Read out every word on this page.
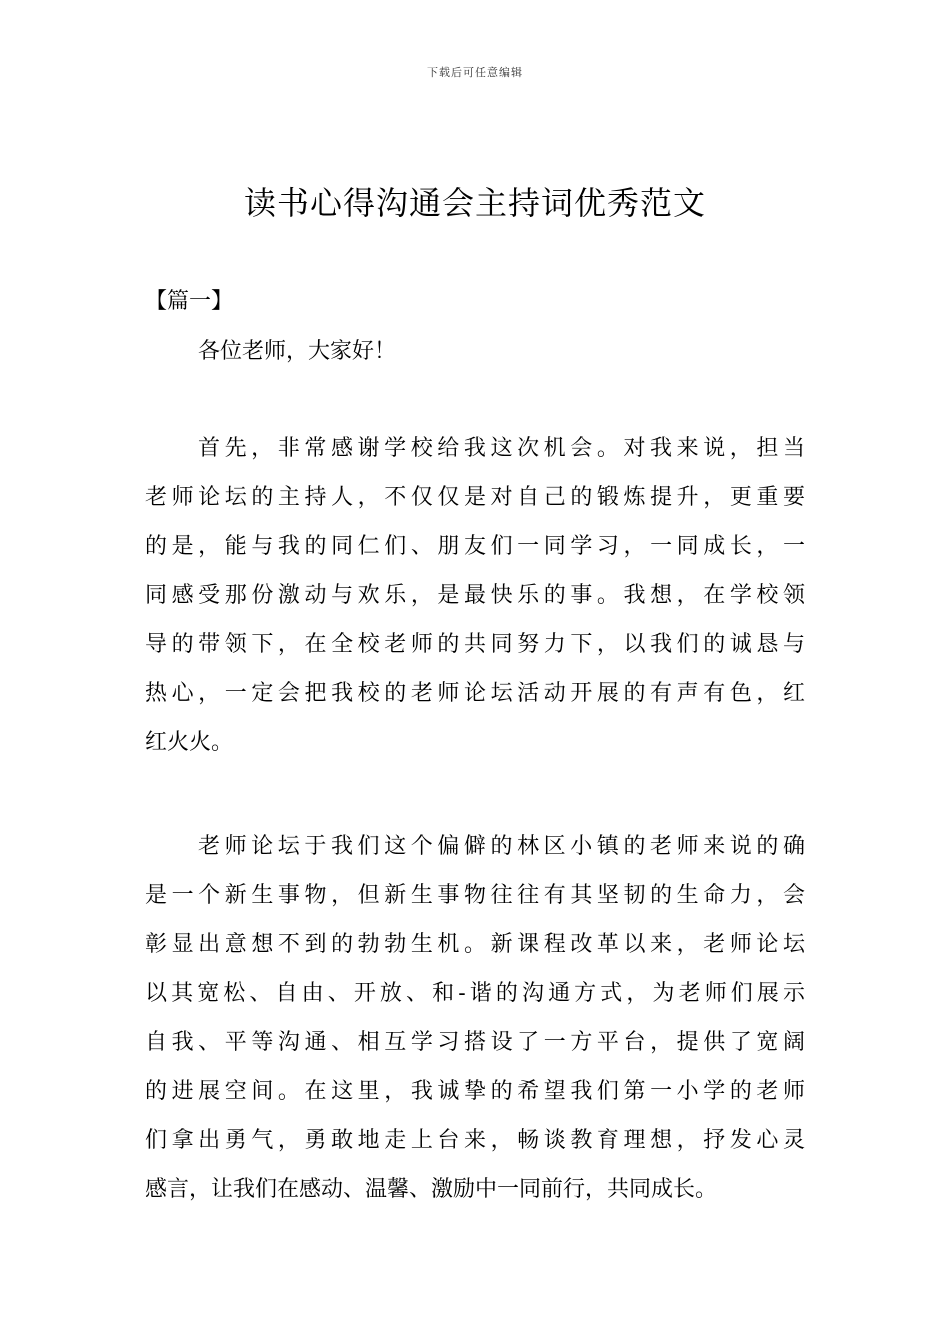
下载后可任意编辑
读书心得沟通会主持词优秀范文

【篇一】

各位老师，大家好！

首先，非常感谢学校给我这次机会。对我来说，担当
老师论坛的主持人，不仅仅是对自己的锻炼提升，更重要
的是，能与我的同仁们、朋友们一同学习，一同成长，一
同感受那份激动与欢乐，是最快乐的事。我想，在学校领
导的带领下，在全校老师的共同努力下，以我们的诚恳与
热心，一定会把我校的老师论坛活动开展的有声有色，红
红火火。
老师论坛于我们这个偏僻的林区小镇的老师来说的确
是一个新生事物，但新生事物往往有其坚韧的生命力，会
彰显出意想不到的勃勃生机。新课程改革以来，老师论坛
以其宽松、自由、开放、和-谐的沟通方式，为老师们展示
自我、平等沟通、相互学习搭设了一方平台，提供了宽阔
的进展空间。在这里，我诚挚的希望我们第一小学的老师
们拿出勇气，勇敢地走上台来，畅谈教育理想，抒发心灵
感言，让我们在感动、温馨、激励中一同前行，共同成长。
